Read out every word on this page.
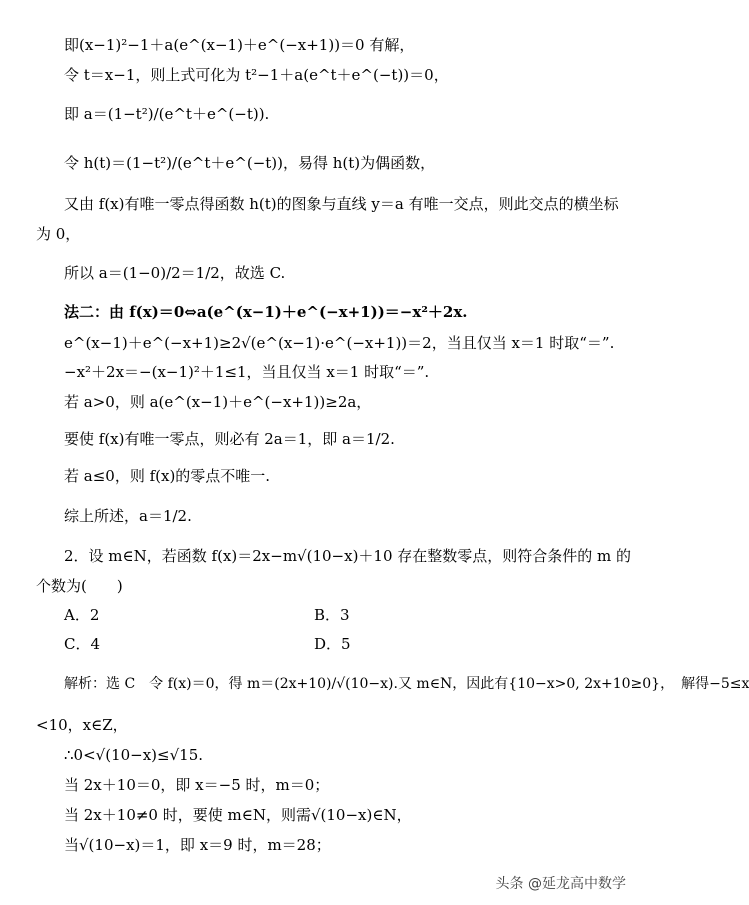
即(x−1)²−1＋a(e^(x−1)＋e^(−x+1))＝0 有解，
令 t＝x−1，则上式可化为 t²−1＋a(e^t＋e^(−t))＝0，
即 a＝(1−t²)/(e^t＋e^(−t)).
令 h(t)＝(1−t²)/(e^t＋e^(−t))，易得 h(t)为偶函数，
又由 f(x)有唯一零点得函数 h(t)的图象与直线 y＝a 有唯一交点，则此交点的横坐标
为 0，
所以 a＝(1−0)/2＝1/2，故选 C.
法二：由 f(x)＝0⇔a(e^(x−1)＋e^(−x+1))＝−x²＋2x.
e^(x−1)＋e^(−x+1)≥2√(e^(x−1)·e^(−x+1))＝2，当且仅当 x＝1 时取“＝”.
−x²＋2x＝−(x−1)²＋1≤1，当且仅当 x＝1 时取“＝”.
若 a>0，则 a(e^(x−1)＋e^(−x+1))≥2a，
要使 f(x)有唯一零点，则必有 2a＝1，即 a＝1/2.
若 a≤0，则 f(x)的零点不唯一.
综上所述，a＝1/2.
2．设 m∈N，若函数 f(x)＝2x−m√(10−x)＋10 存在整数零点，则符合条件的 m 的
个数为(　　)
A．2	B．3
C．4	D．5
解析：选 C　令 f(x)＝0，得 m＝(2x+10)/√(10−x).又 m∈N，因此有{10−x>0, 2x+10≥0}，　解得−5≤x
<10，x∈Z，
∴0<√(10−x)≤√15.
当 2x＋10＝0，即 x＝−5 时，m＝0；
当 2x＋10≠0 时，要使 m∈N，则需√(10−x)∈N，
当√(10−x)＝1，即 x＝9 时，m＝28；
头条 @延龙高中数学
